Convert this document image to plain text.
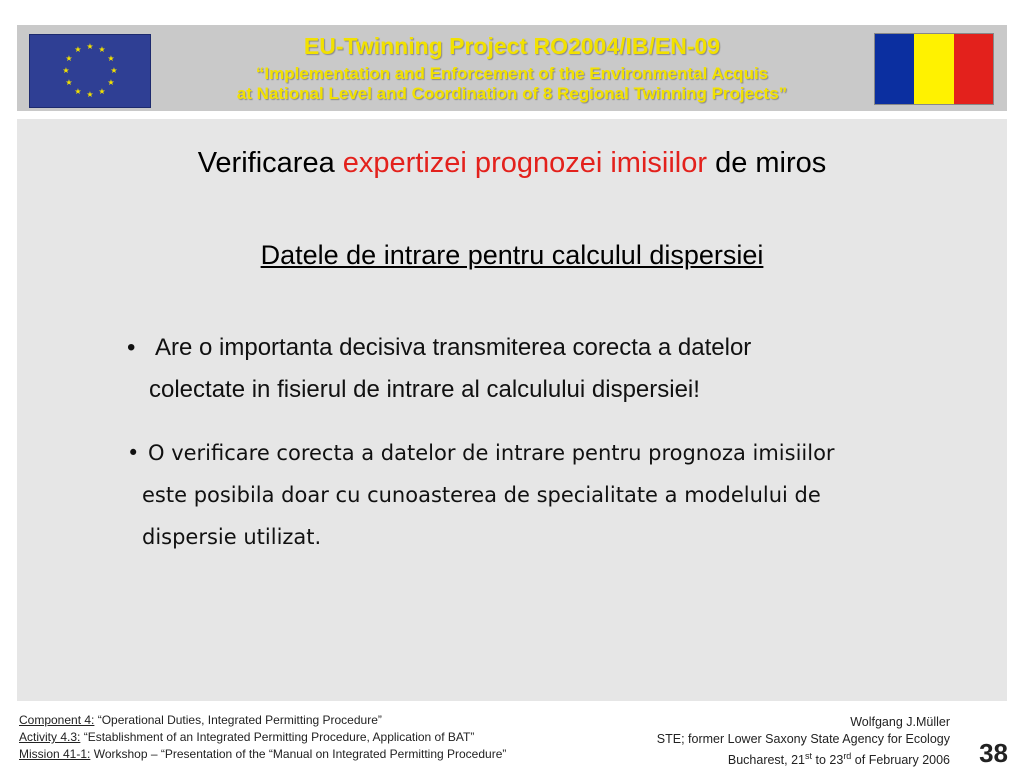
★ ★
★
★
★
★
★
★
★
★
★
★	EU-Twinning Project RO2004/IB/EN-09
“Implementation and Enforcement of the Environmental Acquis
at National Level and Coordination of 8 Regional Twinning Projects”
Verificarea expertizei prognozei imisiilor de miros
Datele de intrare pentru calculul dispersiei
• Are o importanta decisiva transmiterea corecta a datelor
colectate in fisierul de intrare al calculului dispersiei!
• O verificare corecta a datelor de intrare pentru prognoza imisiilor
este posibila doar cu cunoasterea de specialitate a modelului de
dispersie utilizat.
Component 4: “Operational Duties, Integrated Permitting Procedure”
Activity 4.3: “Establishment of an Integrated Permitting Procedure, Application of BAT”
Mission 41-1: Workshop – “Presentation of the “Manual on Integrated Permitting Procedure”
Wolfgang J.Müller
STE; former Lower Saxony State Agency for Ecology
Bucharest, 21st to 23rd of February 2006 38
